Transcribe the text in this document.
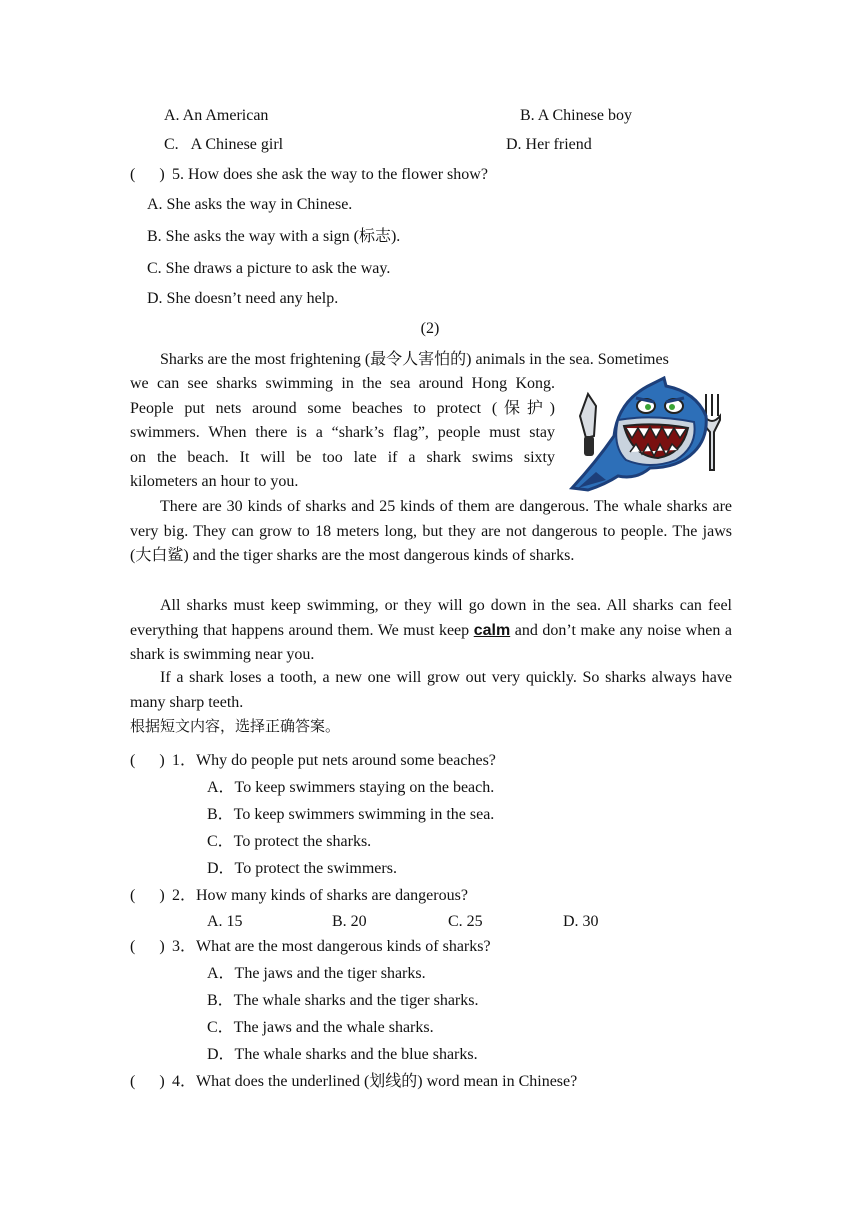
A. An American	B. A Chinese boy
C.   A Chinese girl	D. Her friend
(      ) 5. How does she ask the way to the flower show?
A. She asks the way in Chinese.
B. She asks the way with a sign (标志).
C. She draws a picture to ask the way.
D. She doesn’t need any help.
(2)
Sharks are the most frightening (最令人害怕的) animals in the sea. Sometimes
we can see sharks swimming in the sea around Hong Kong.
People put nets around some beaches to protect (保护)
swimmers. When there is a “shark’s flag”, people must stay
on the beach. It will be too late if a shark swims sixty
kilometers an hour to you.
There are 30 kinds of sharks and 25 kinds of them are dangerous. The whale sharks are very big. They can grow to 18 meters long, but they are not dangerous to people. The jaws (大白鲨) and the tiger sharks are the most dangerous kinds of sharks.
All sharks must keep swimming, or they will go down in the sea. All sharks can feel everything that happens around them. We must keep calm and don’t make any noise when a shark is swimming near you.
If a shark loses a tooth, a new one will grow out very quickly. So sharks always have many sharp teeth.
根据短文内容，选择正确答案。
(      ) 1．Why do people put nets around some beaches?
A．To keep swimmers staying on the beach.
B．To keep swimmers swimming in the sea.
C．To protect the sharks.
D．To protect the swimmers.
(      ) 2．How many kinds of sharks are dangerous?
A. 15	B. 20	C. 25	D. 30
(      ) 3．What are the most dangerous kinds of sharks?
A．The jaws and the tiger sharks.
B．The whale sharks and the tiger sharks.
C．The jaws and the whale sharks.
D．The whale sharks and the blue sharks.
(      ) 4．What does the underlined (划线的) word mean in Chinese?
